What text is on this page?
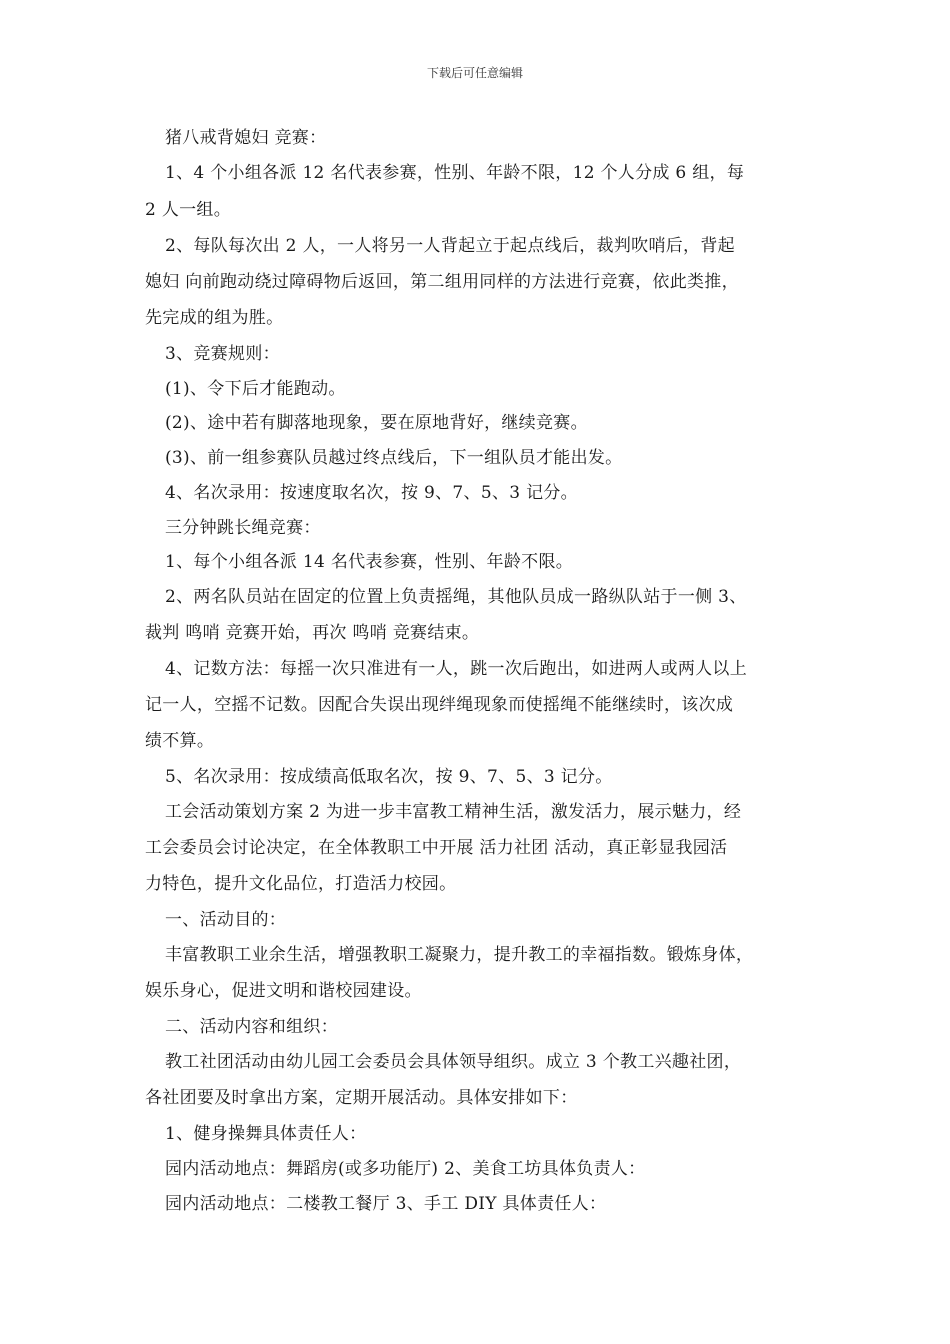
下载后可任意编辑
猪八戒背媳妇 竞赛：
1、4 个小组各派 12 名代表参赛，性别、年龄不限，12 个人分成 6 组，每
2 人一组。
2、每队每次出 2 人，一人将另一人背起立于起点线后，裁判吹哨后，背起
媳妇 向前跑动绕过障碍物后返回，第二组用同样的方法进行竞赛，依此类推，
先完成的组为胜。
3、竞赛规则：
(1)、令下后才能跑动。
(2)、途中若有脚落地现象，要在原地背好，继续竞赛。
(3)、前一组参赛队员越过终点线后，下一组队员才能出发。
4、名次录用：按速度取名次，按 9、7、5、3 记分。
三分钟跳长绳竞赛：
1、每个小组各派 14 名代表参赛，性别、年龄不限。
2、两名队员站在固定的位置上负责摇绳，其他队员成一路纵队站于一侧 3、
裁判 鸣哨 竞赛开始，再次 鸣哨 竞赛结束。
4、记数方法：每摇一次只准进有一人，跳一次后跑出，如进两人或两人以上
记一人，空摇不记数。因配合失误出现绊绳现象而使摇绳不能继续时，该次成
绩不算。
5、名次录用：按成绩高低取名次，按 9、7、5、3 记分。
工会活动策划方案 2 为进一步丰富教工精神生活，激发活力，展示魅力，经
工会委员会讨论决定，在全体教职工中开展 活力社团 活动，真正彰显我园活
力特色，提升文化品位，打造活力校园。
一、活动目的：
丰富教职工业余生活，增强教职工凝聚力，提升教工的幸福指数。锻炼身体，
娱乐身心，促进文明和谐校园建设。
二、活动内容和组织：
教工社团活动由幼儿园工会委员会具体领导组织。成立 3 个教工兴趣社团，
各社团要及时拿出方案，定期开展活动。具体安排如下：
1、健身操舞具体责任人：
园内活动地点：舞蹈房(或多功能厅) 2、美食工坊具体负责人：
园内活动地点：二楼教工餐厅 3、手工 DIY 具体责任人：
